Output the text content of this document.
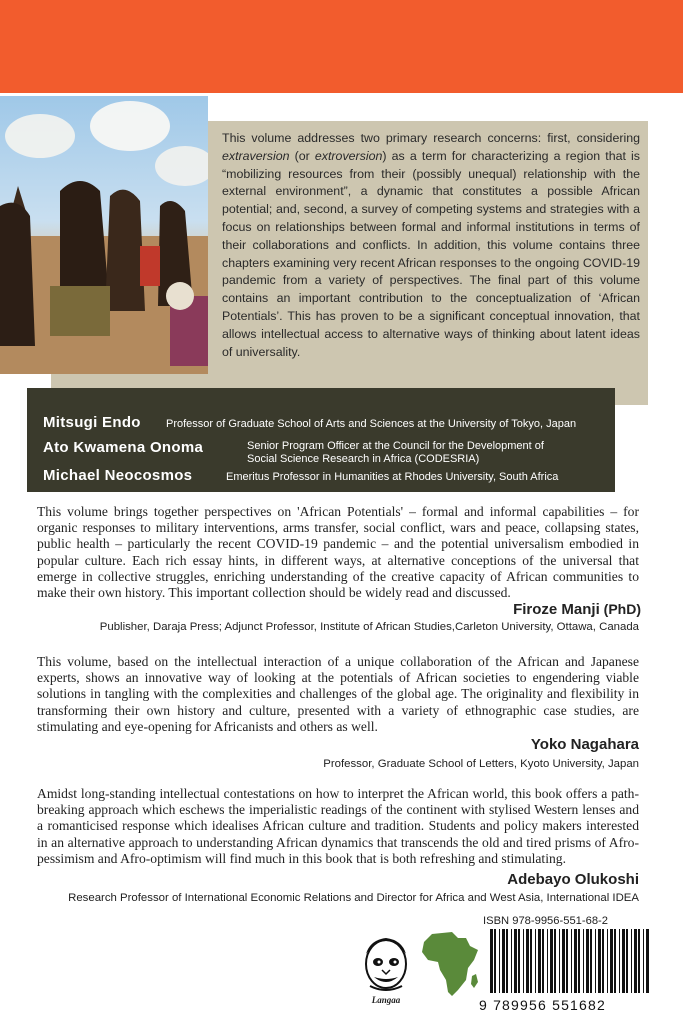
This volume addresses two primary research concerns: first, considering extraversion (or extroversion) as a term for characterizing a region that is “mobilizing resources from their (possibly unequal) relationship with the external environment”, a dynamic that constitutes a possible African potential; and, second, a survey of competing systems and strategies with a focus on relationships between formal and informal institutions in terms of their collaborations and conflicts. In addition, this volume contains three chapters examining very recent African responses to the ongoing COVID-19 pandemic from a variety of perspectives. The final part of this volume contains an important contribution to the conceptualization of ‘African Potentials’. This has proven to be a significant conceptual innovation, that allows intellectual access to alternative ways of thinking about latent ideas of universality.
Mitsugi Endo Professor of Graduate School of Arts and Sciences at the University of Tokyo, Japan
Ato Kwamena Onoma	Senior Program Officer at the Council for the Development of
Social Science Research in Africa (CODESRIA)
Michael Neocosmos	Emeritus Professor in Humanities at Rhodes University, South Africa
This volume brings together perspectives on 'African Potentials' – formal and informal capabilities – for organic responses to military interventions, arms transfer, social conflict, wars and peace, collapsing states, public health – particularly the recent COVID-19 pandemic – and the potential universalism embodied in popular culture. Each rich essay hints, in different ways, at alternative conceptions of the universal that emerge in collective struggles, enriching understanding of the creative capacity of African communities to make their own history. This important collection should be widely read and discussed.
Firoze Manji (PhD)
Publisher, Daraja Press; Adjunct Professor, Institute of African Studies,Carleton University, Ottawa, Canada
This volume, based on the intellectual interaction of a unique collaboration of the African and Japanese experts, shows an innovative way of looking at the potentials of African societies to engendering viable solutions in tangling with the complexities and challenges of the global age. The originality and flexibility in transforming their own history and culture, presented with a variety of ethnographic case studies, are stimulating and eye-opening for Africanists and others as well.
Yoko Nagahara
Professor, Graduate School of Letters, Kyoto University, Japan
Amidst long-standing intellectual contestations on how to interpret the African world, this book offers a path-breaking approach which eschews the imperialistic readings of the continent with stylised Western lenses and a romanticised response which idealises African culture and tradition. Students and policy makers interested in an alternative approach to understanding African dynamics that transcends the old and tired prisms of Afro-pessimism and Afro-optimism will find much in this book that is both refreshing and stimulating.
Adebayo Olukoshi
Research Professor of International Economic Relations and Director for Africa and West Asia, International IDEA
Langaa
ISBN 978-9956-551-68-2
9 789956 551682
